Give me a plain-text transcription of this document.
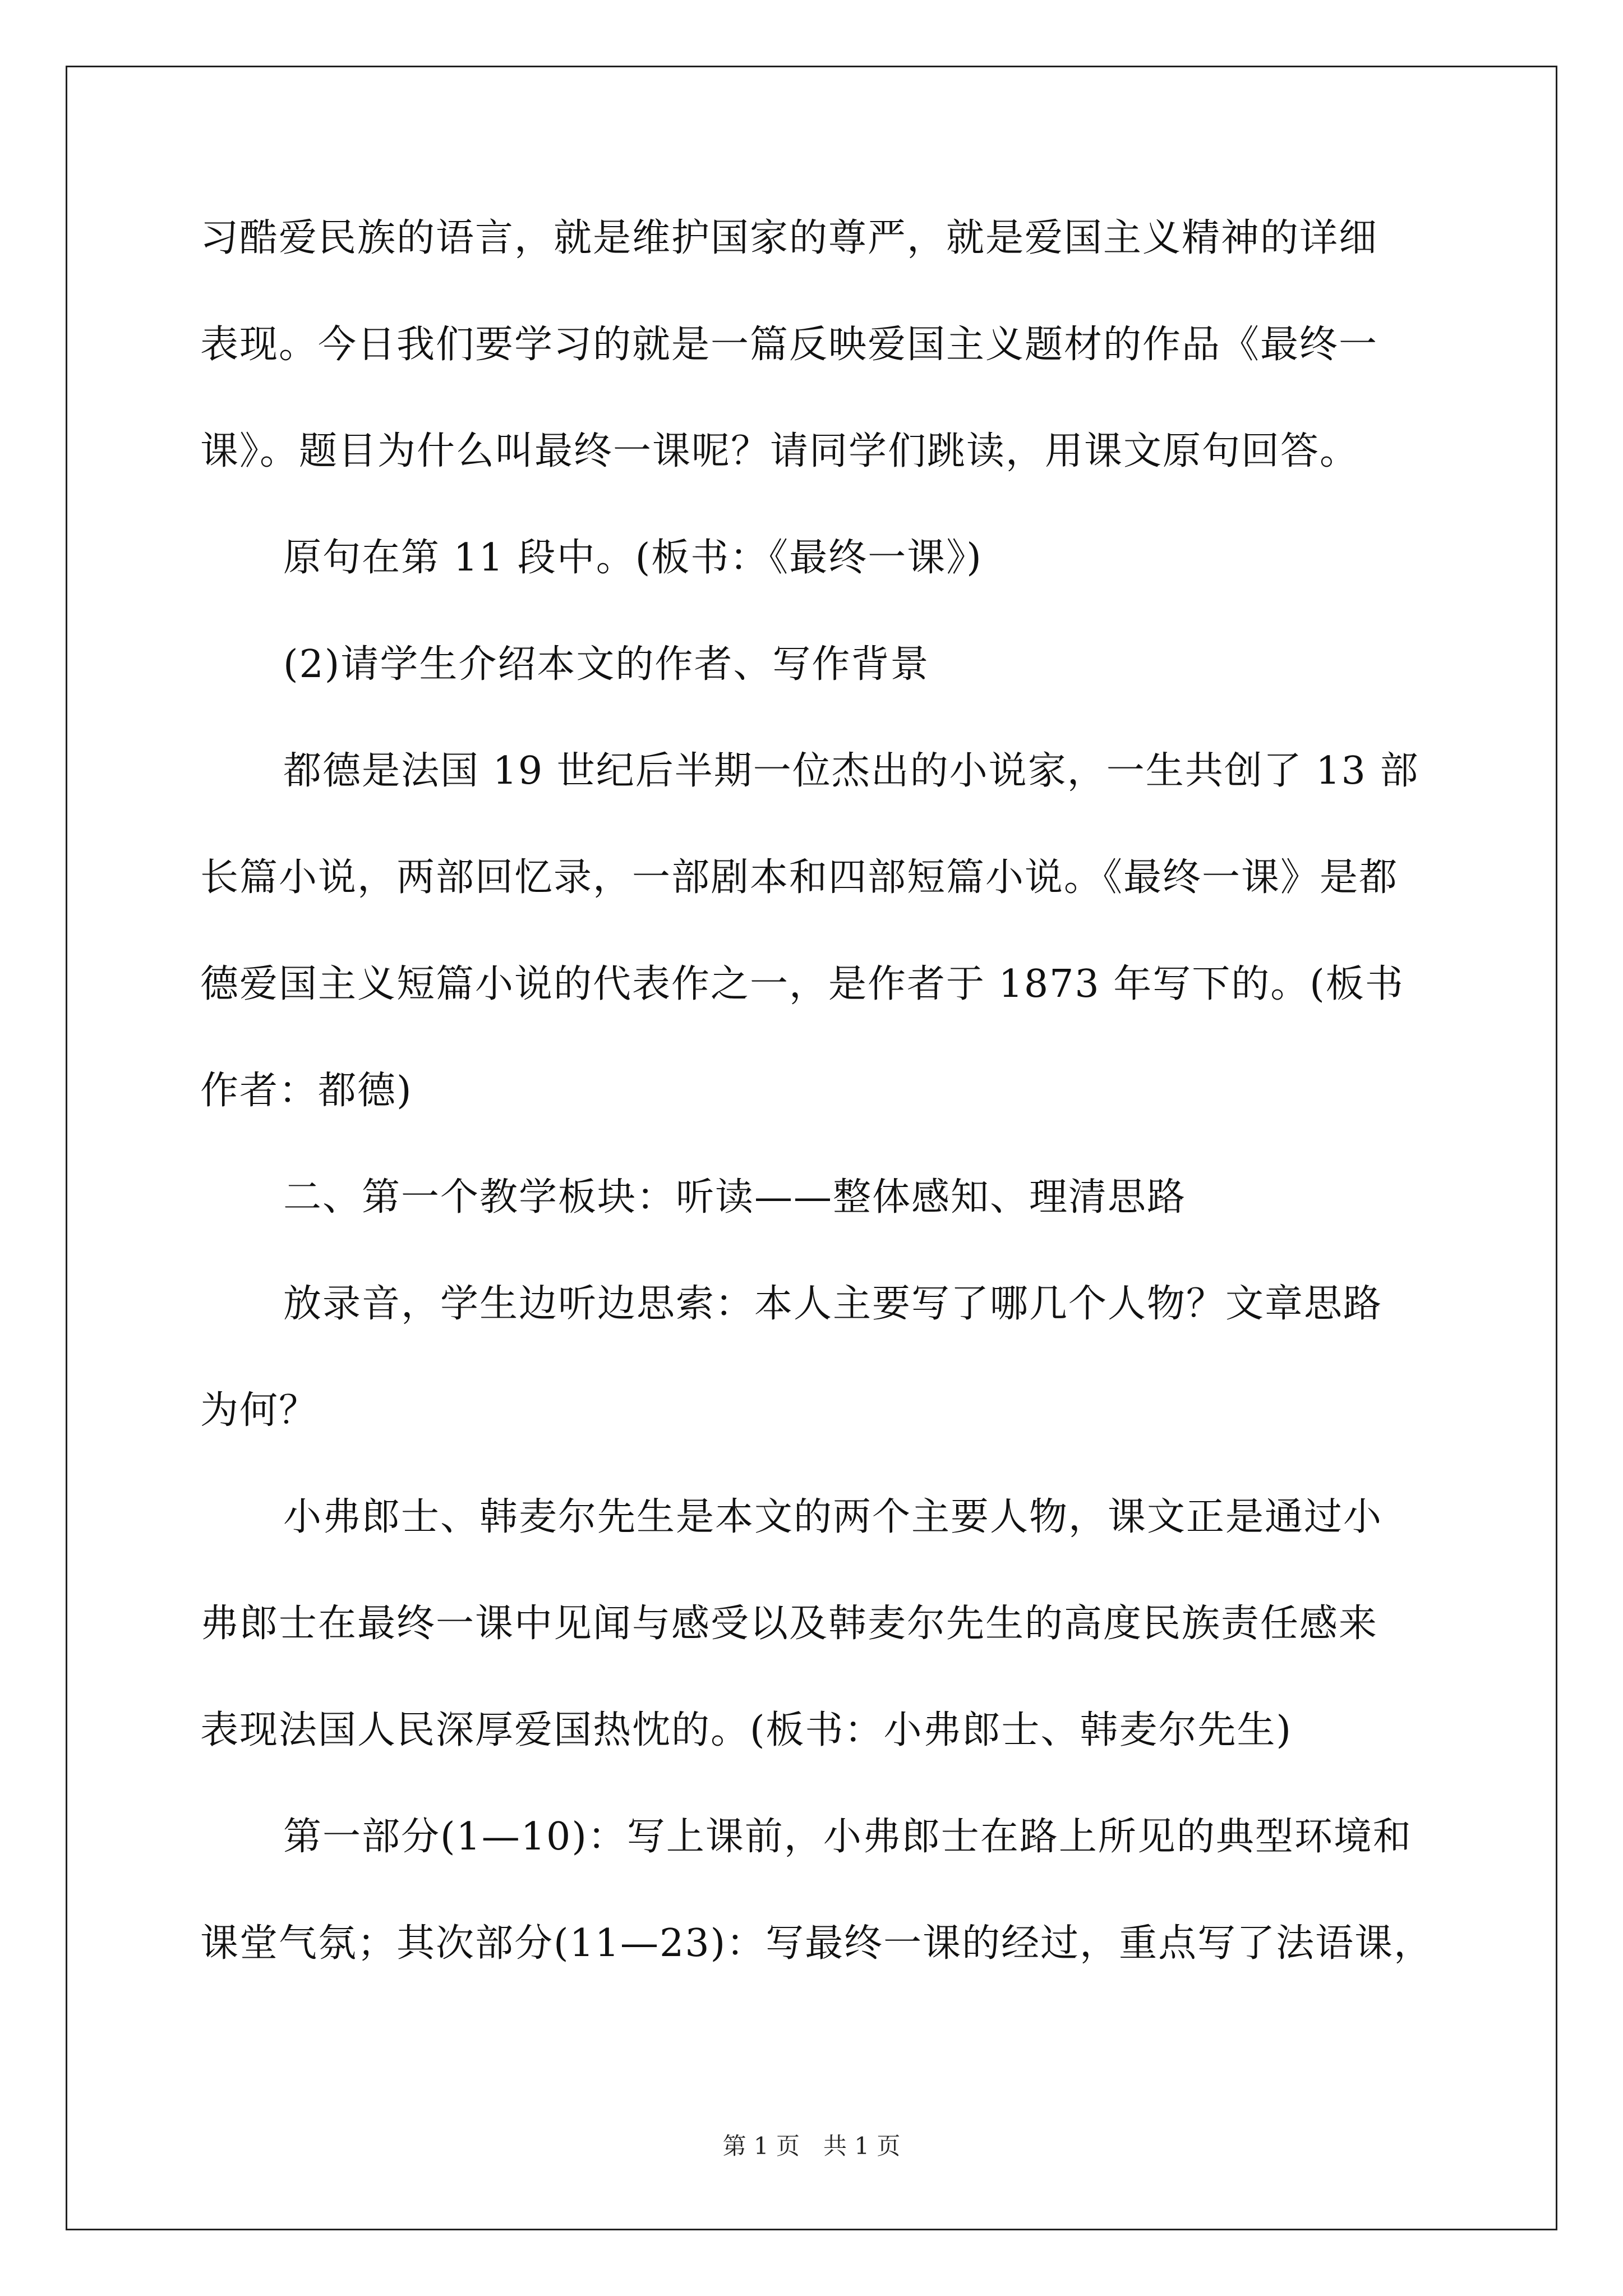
习酷爱民族的语言，就是维护国家的尊严，就是爱国主义精神的详细
表现。今日我们要学习的就是一篇反映爱国主义题材的作品《最终一
课》。题目为什么叫最终一课呢？请同学们跳读，用课文原句回答。
原句在第 11 段中。(板书：《最终一课》)
(2)请学生介绍本文的作者、写作背景
都德是法国 19 世纪后半期一位杰出的小说家，一生共创了 13 部
长篇小说，两部回忆录，一部剧本和四部短篇小说。《最终一课》是都
德爱国主义短篇小说的代表作之一，是作者于 1873 年写下的。(板书
作者：都德)
二、第一个教学板块：听读——整体感知、理清思路
放录音，学生边听边思索：本人主要写了哪几个人物？文章思路
为何？
小弗郎士、韩麦尔先生是本文的两个主要人物，课文正是通过小
弗郎士在最终一课中见闻与感受以及韩麦尔先生的高度民族责任感来
表现法国人民深厚爱国热忱的。(板书：小弗郎士、韩麦尔先生)
第一部分(1—10)：写上课前，小弗郎士在路上所见的典型环境和
课堂气氛；其次部分(11—23)：写最终一课的经过，重点写了法语课，
第 1 页　共 1 页
